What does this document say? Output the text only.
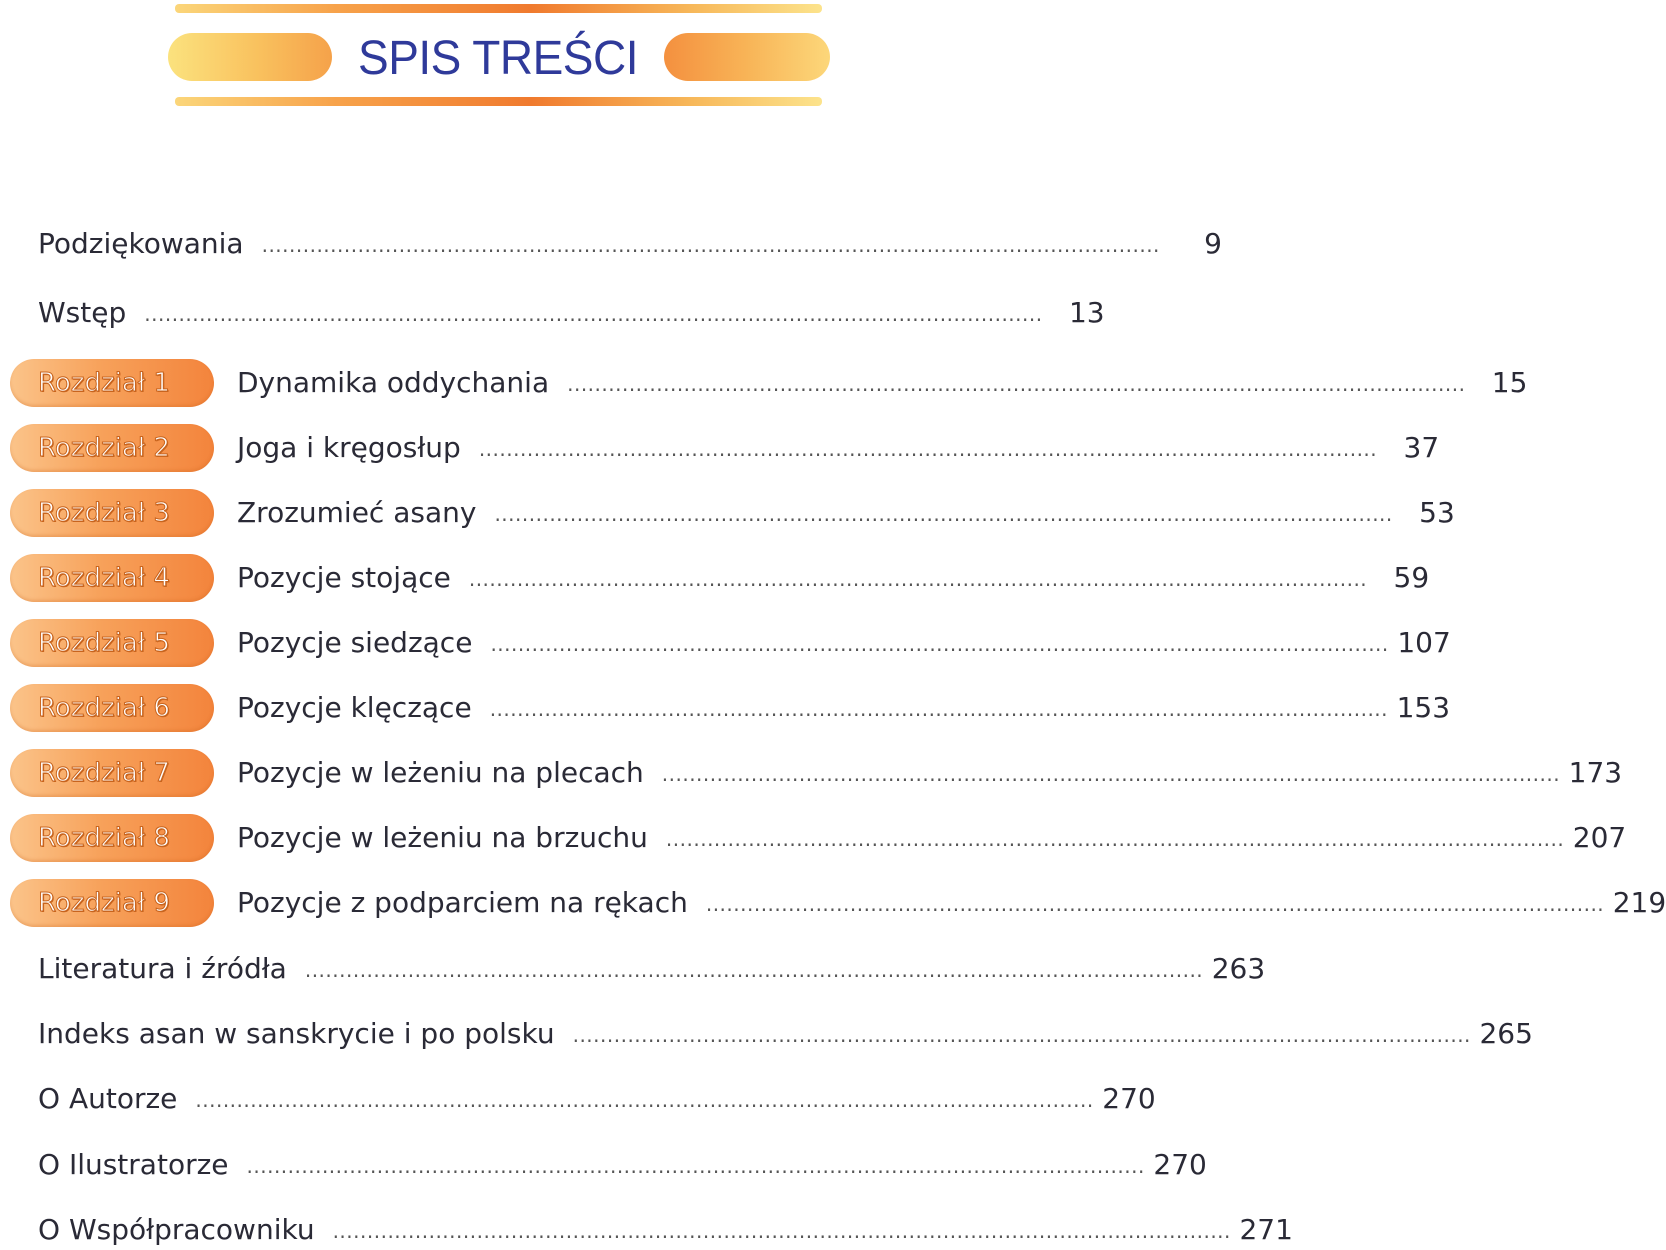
SPIS TREŚCI
Podziękowania ...................................................................................................................................	9
Wstęp ................................................................................................................................... 13
Rozdział 1 Dynamika oddychania ................................................................................................................................... 15
Rozdział 2 Joga i kręgosłup ................................................................................................................................... 37
Rozdział 3 Zrozumieć asany ................................................................................................................................... 53
Rozdział 4 Pozycje stojące ................................................................................................................................... 59
Rozdział 5 Pozycje siedzące ................................................................................................................................... 107
Rozdział 6 Pozycje klęczące ................................................................................................................................... 153
Rozdział 7 Pozycje w leżeniu na plecach ................................................................................................................................... 173
Rozdział 8 Pozycje w leżeniu na brzuchu ................................................................................................................................... 207
Rozdział 9 Pozycje z podparciem na rękach ................................................................................................................................... 219
Literatura i źródła ................................................................................................................................... 263
Indeks asan w sanskrycie i po polsku ................................................................................................................................... 265
O Autorze ................................................................................................................................... 270
O Ilustratorze ................................................................................................................................... 270
O Współpracowniku ................................................................................................................................... 271
